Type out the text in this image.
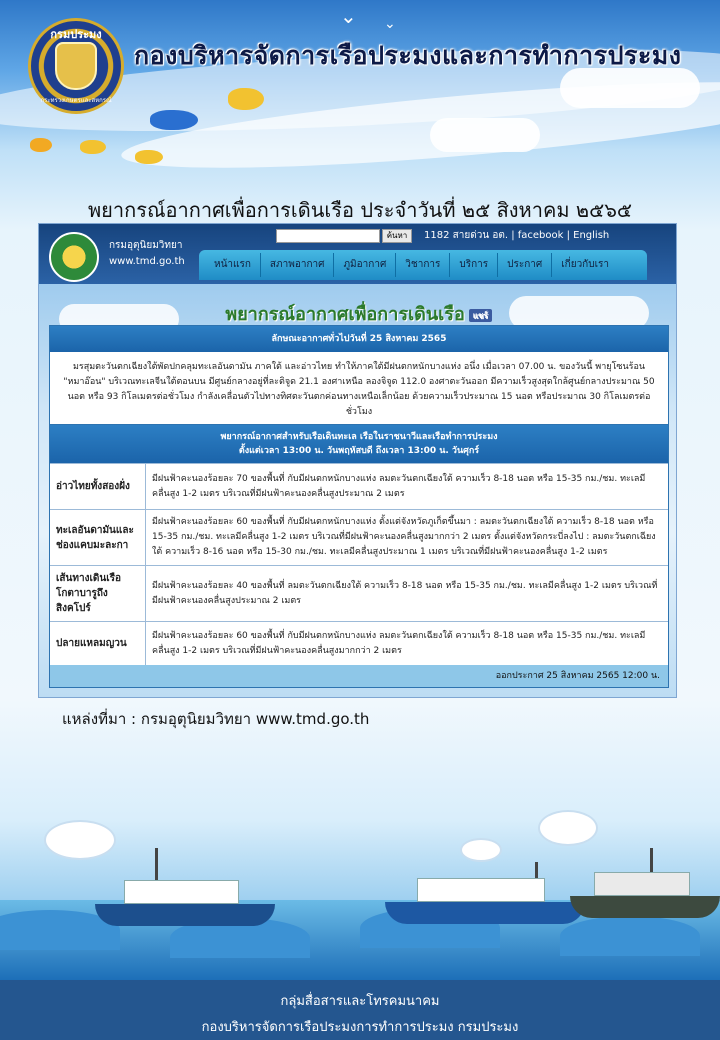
⌄ ⌄
กรมประมง
กระทรวงเกษตรและสหกรณ์
กองบริหารจัดการเรือประมงและการทำการประมง
พยากรณ์อากาศเพื่อการเดินเรือ ประจำวันที่ ๒๕ สิงหาคม ๒๕๖๕
กรมอุตุนิยมวิทยา
www.tmd.go.th
ค้นหา	1182 สายด่วน อต. | facebook | English
หน้าแรก	สภาพอากาศ	ภูมิอากาศ	วิชาการ	บริการ	ประกาศ	เกี่ยวกับเรา
พยากรณ์อากาศเพื่อการเดินเรือ แชร์
ลักษณะอากาศทั่วไปวันที่ 25 สิงหาคม 2565
มรสุมตะวันตกเฉียงใต้พัดปกคลุมทะเลอันดามัน ภาคใต้ และอ่าวไทย ทำให้ภาคใต้มีฝนตกหนักบางแห่ง อนึ่ง เมื่อเวลา 07.00 น. ของวันนี้ พายุโซนร้อน "หมาอ๊อน" บริเวณทะเลจีนใต้ตอนบน มีศูนย์กลางอยู่ที่ละติจูด 21.1 องศาเหนือ ลองจิจูด 112.0 องศาตะวันออก มีความเร็วสูงสุดใกล้ศูนย์กลางประมาณ 50 นอต หรือ 93 กิโลเมตรต่อชั่วโมง กำลังเคลื่อนตัวไปทางทิศตะวันตกค่อนทางเหนือเล็กน้อย ด้วยความเร็วประมาณ 15 นอต หรือประมาณ 30 กิโลเมตรต่อชั่วโมง
พยากรณ์อากาศสำหรับเรือเดินทะเล เรือในราชนาวีและเรือทำการประมง
ตั้งแต่เวลา 13:00 น. วันพฤหัสบดี ถึงเวลา 13:00 น. วันศุกร์
อ่าวไทยทั้งสองฝั่ง
มีฝนฟ้าคะนองร้อยละ 70 ของพื้นที่ กับมีฝนตกหนักบางแห่ง ลมตะวันตกเฉียงใต้ ความเร็ว 8-18 นอต หรือ 15-35 กม./ชม. ทะเลมีคลื่นสูง 1-2 เมตร บริเวณที่มีฝนฟ้าคะนองคลื่นสูงประมาณ 2 เมตร
ทะเลอันดามันและช่องแคบมะละกา
มีฝนฟ้าคะนองร้อยละ 60 ของพื้นที่ กับมีฝนตกหนักบางแห่ง ตั้งแต่จังหวัดภูเก็ตขึ้นมา : ลมตะวันตกเฉียงใต้ ความเร็ว 8-18 นอต หรือ 15-35 กม./ชม. ทะเลมีคลื่นสูง 1-2 เมตร บริเวณที่มีฝนฟ้าคะนองคลื่นสูงมากกว่า 2 เมตร ตั้งแต่จังหวัดกระบี่ลงไป : ลมตะวันตกเฉียงใต้ ความเร็ว 8-16 นอต หรือ 15-30 กม./ชม. ทะเลมีคลื่นสูงประมาณ 1 เมตร บริเวณที่มีฝนฟ้าคะนองคลื่นสูง 1-2 เมตร
เส้นทางเดินเรือโกตาบารูถึงสิงคโปร์
มีฝนฟ้าคะนองร้อยละ 40 ของพื้นที่ ลมตะวันตกเฉียงใต้ ความเร็ว 8-18 นอต หรือ 15-35 กม./ชม. ทะเลมีคลื่นสูง 1-2 เมตร บริเวณที่มีฝนฟ้าคะนองคลื่นสูงประมาณ 2 เมตร
ปลายแหลมญวน
มีฝนฟ้าคะนองร้อยละ 60 ของพื้นที่ กับมีฝนตกหนักบางแห่ง ลมตะวันตกเฉียงใต้ ความเร็ว 8-18 นอต หรือ 15-35 กม./ชม. ทะเลมีคลื่นสูง 1-2 เมตร บริเวณที่มีฝนฟ้าคะนองคลื่นสูงมากกว่า 2 เมตร
ออกประกาศ 25 สิงหาคม 2565 12:00 น.
แหล่งที่มา : กรมอุตุนิยมวิทยา www.tmd.go.th
กลุ่มสื่อสารและโทรคมนาคม
กองบริหารจัดการเรือประมงการทำการประมง กรมประมง
